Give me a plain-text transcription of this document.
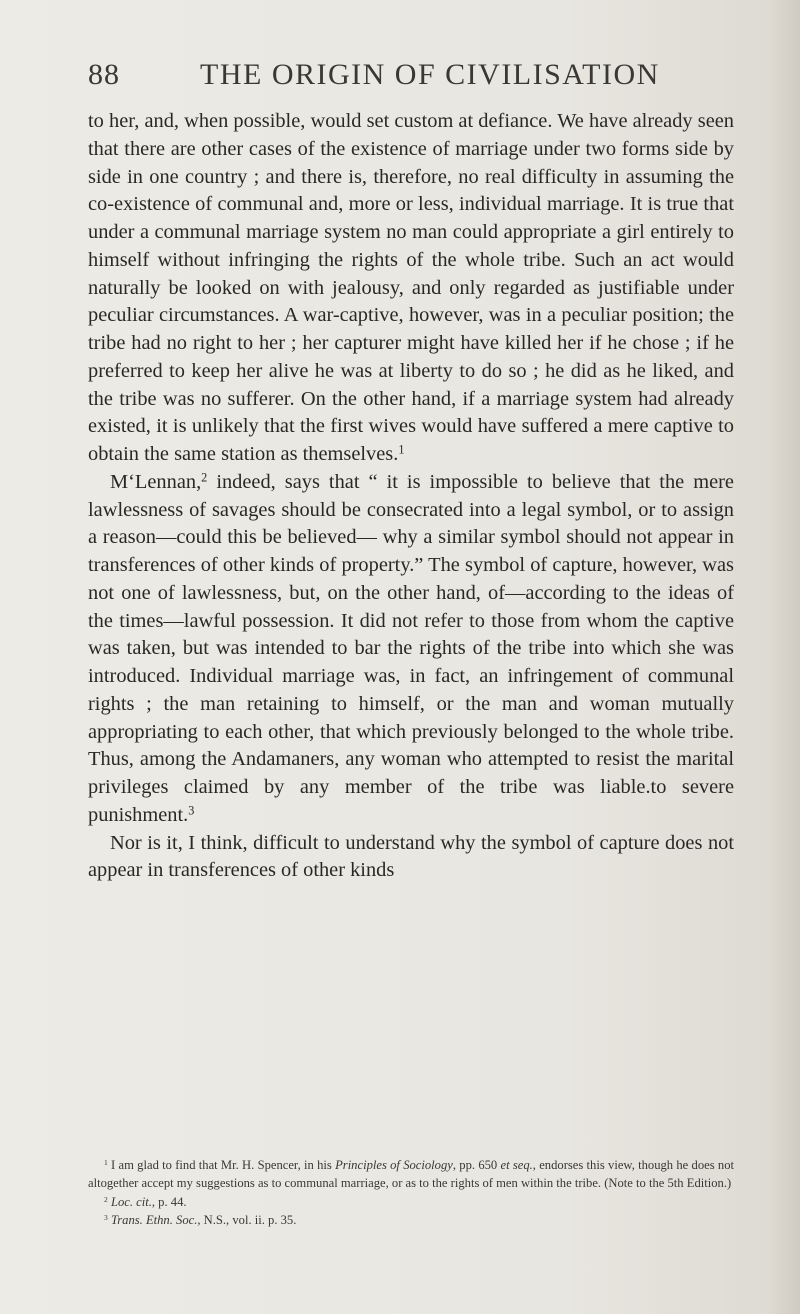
88	THE ORIGIN OF CIVILISATION

to her, and, when possible, would set custom at defiance. We have already seen that there are other cases of the existence of marriage under two forms side by side in one country ; and there is, therefore, no real difficulty in assuming the co-existence of communal and, more or less, individual marriage. It is true that under a communal marriage system no man could appropriate a girl entirely to himself without infringing the rights of the whole tribe. Such an act would naturally be looked on with jealousy, and only regarded as justifiable under peculiar circumstances. A war-captive, however, was in a peculiar position; the tribe had no right to her ; her capturer might have killed her if he chose ; if he preferred to keep her alive he was at liberty to do so ; he did as he liked, and the tribe was no sufferer. On the other hand, if a marriage system had already existed, it is unlikely that the first wives would have suffered a mere captive to obtain the same station as themselves.$^1$

M‘Lennan,$^2$ indeed, says that “ it is impossible to believe that the mere lawlessness of savages should be consecrated into a legal symbol, or to assign a reason—could this be believed— why a similar symbol should not appear in transferences of other kinds of property.” The symbol of capture, however, was not one of lawlessness, but, on the other hand, of—according to the ideas of the times—lawful possession. It did not refer to those from whom the captive was taken, but was intended to bar the rights of the tribe into which she was introduced. Individual marriage was, in fact, an infringement of communal rights ; the man retaining to himself, or the man and woman mutually appropriating to each other, that which previously belonged to the whole tribe. Thus, among the Andamaners, any woman who attempted to resist the marital privileges claimed by any member of the tribe was liable.to severe punishment.$^3$

Nor is it, I think, difficult to understand why the symbol of capture does not appear in transferences of other kinds

$^1$ I am glad to find that Mr. H. Spencer, in his Principles of Sociology, pp. 650 et seq., endorses this view, though he does not altogether accept my suggestions as to communal marriage, or as to the rights of men within the tribe. (Note to the 5th Edition.)

$^2$ Loc. cit., p. 44.

$^3$ Trans. Ethn. Soc., N.S., vol. ii. p. 35.
